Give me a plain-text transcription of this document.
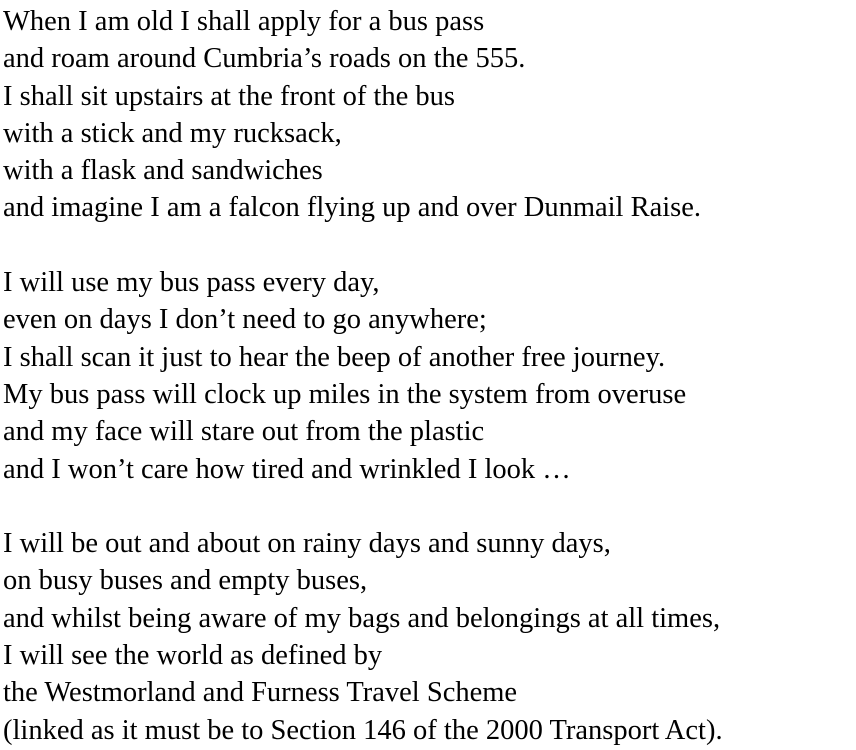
When I am old I shall apply for a bus pass
and roam around Cumbria’s roads on the 555.
I shall sit upstairs at the front of the bus
with a stick and my rucksack,
with a flask and sandwiches
and imagine I am a falcon flying up and over Dunmail Raise.
I will use my bus pass every day,
even on days I don’t need to go anywhere;
I shall scan it just to hear the beep of another free journey.
My bus pass will clock up miles in the system from overuse
and my face will stare out from the plastic
and I won’t care how tired and wrinkled I look …
I will be out and about on rainy days and sunny days,
on busy buses and empty buses,
and whilst being aware of my bags and belongings at all times,
I will see the world as defined by
the Westmorland and Furness Travel Scheme
(linked as it must be to Section 146 of the 2000 Transport Act).
